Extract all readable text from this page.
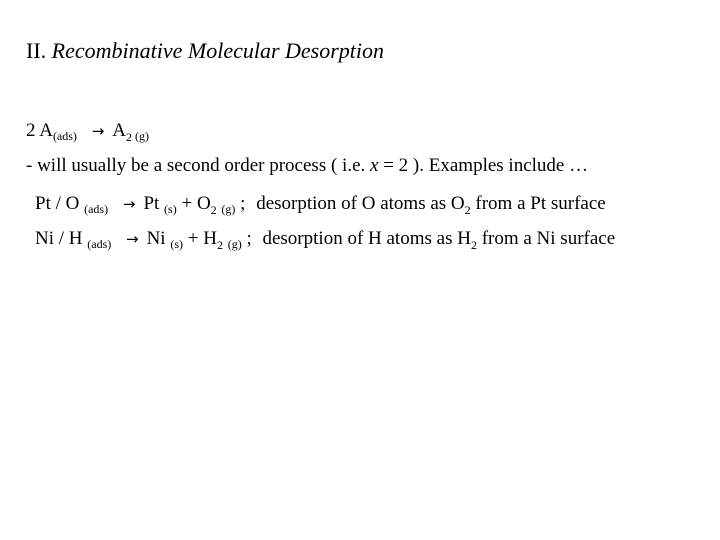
II. Recombinative Molecular Desorption
2 $A_{(ads)} \to A_2$ $_{(g)}$
- will usually be a second order process ( i.e. x = 2 ). Examples include …
Pt / O $_{(ads)}$ → Pt $_{(s)} + O_2$ $_{(g)}$ ; desorption of O atoms as $O_2$ from a Pt surface
Ni / H $_{(ads)}$ → Ni $_{(s)} + H_2$ $_{(g)}$ ; desorption of H atoms as $H_2$ from a Ni surface
